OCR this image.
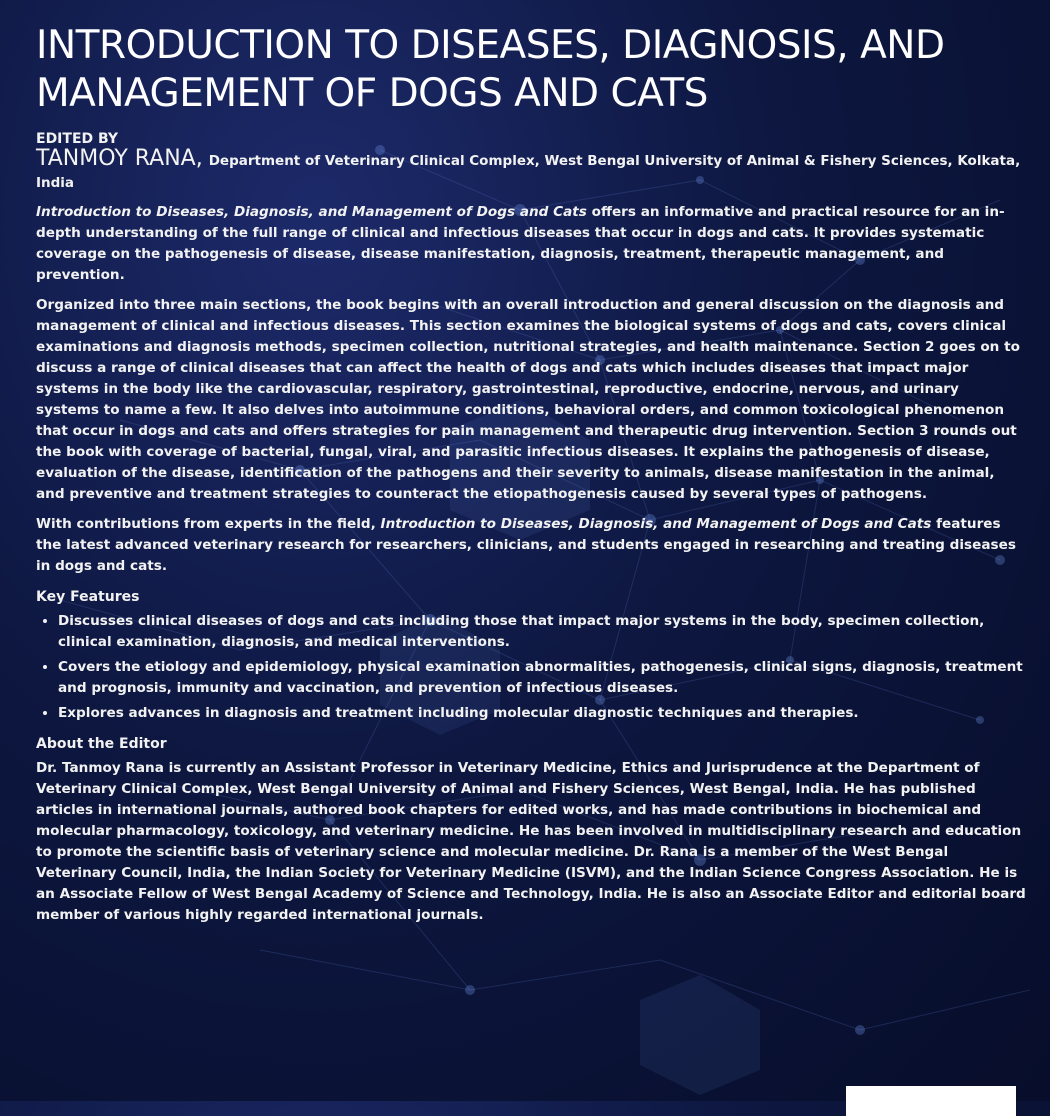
INTRODUCTION TO DISEASES, DIAGNOSIS, AND
MANAGEMENT OF DOGS AND CATS
EDITED BY
TANMOY RANA, Department of Veterinary Clinical Complex, West Bengal University of Animal & Fishery Sciences, Kolkata, India

Introduction to Diseases, Diagnosis, and Management of Dogs and Cats offers an informative and practical resource for an in-depth understanding of the full range of clinical and infectious diseases that occur in dogs and cats. It provides systematic coverage on the pathogenesis of disease, disease manifestation, diagnosis, treatment, therapeutic management, and prevention.

Organized into three main sections, the book begins with an overall introduction and general discussion on the diagnosis and management of clinical and infectious diseases. This section examines the biological systems of dogs and cats, covers clinical examinations and diagnosis methods, specimen collection, nutritional strategies, and health maintenance. Section 2 goes on to discuss a range of clinical diseases that can affect the health of dogs and cats which includes diseases that impact major systems in the body like the cardiovascular, respiratory, gastrointestinal, reproductive, endocrine, nervous, and urinary systems to name a few. It also delves into autoimmune conditions, behavioral orders, and common toxicological phenomenon that occur in dogs and cats and offers strategies for pain management and therapeutic drug intervention. Section 3 rounds out the book with coverage of bacterial, fungal, viral, and parasitic infectious diseases. It explains the pathogenesis of disease, evaluation of the disease, identification of the pathogens and their severity to animals, disease manifestation in the animal, and preventive and treatment strategies to counteract the etiopathogenesis caused by several types of pathogens.

With contributions from experts in the field, Introduction to Diseases, Diagnosis, and Management of Dogs and Cats features the latest advanced veterinary research for researchers, clinicians, and students engaged in researching and treating diseases in dogs and cats.

Key Features
• Discusses clinical diseases of dogs and cats including those that impact major systems in the body, specimen collection, clinical examination, diagnosis, and medical interventions.
• Covers the etiology and epidemiology, physical examination abnormalities, pathogenesis, clinical signs, diagnosis, treatment and prognosis, immunity and vaccination, and prevention of infectious diseases.
• Explores advances in diagnosis and treatment including molecular diagnostic techniques and therapies.
About the Editor

Dr. Tanmoy Rana is currently an Assistant Professor in Veterinary Medicine, Ethics and Jurisprudence at the Department of Veterinary Clinical Complex, West Bengal University of Animal and Fishery Sciences, West Bengal, India. He has published articles in international journals, authored book chapters for edited works, and has made contributions in biochemical and molecular pharmacology, toxicology, and veterinary medicine. He has been involved in multidisciplinary research and education to promote the scientific basis of veterinary science and molecular medicine. Dr. Rana is a member of the West Bengal Veterinary Council, India, the Indian Society for Veterinary Medicine (ISVM), and the Indian Science Congress Association. He is an Associate Fellow of West Bengal Academy of Science and Technology, India. He is also an Associate Editor and editorial board member of various highly regarded international journals.
